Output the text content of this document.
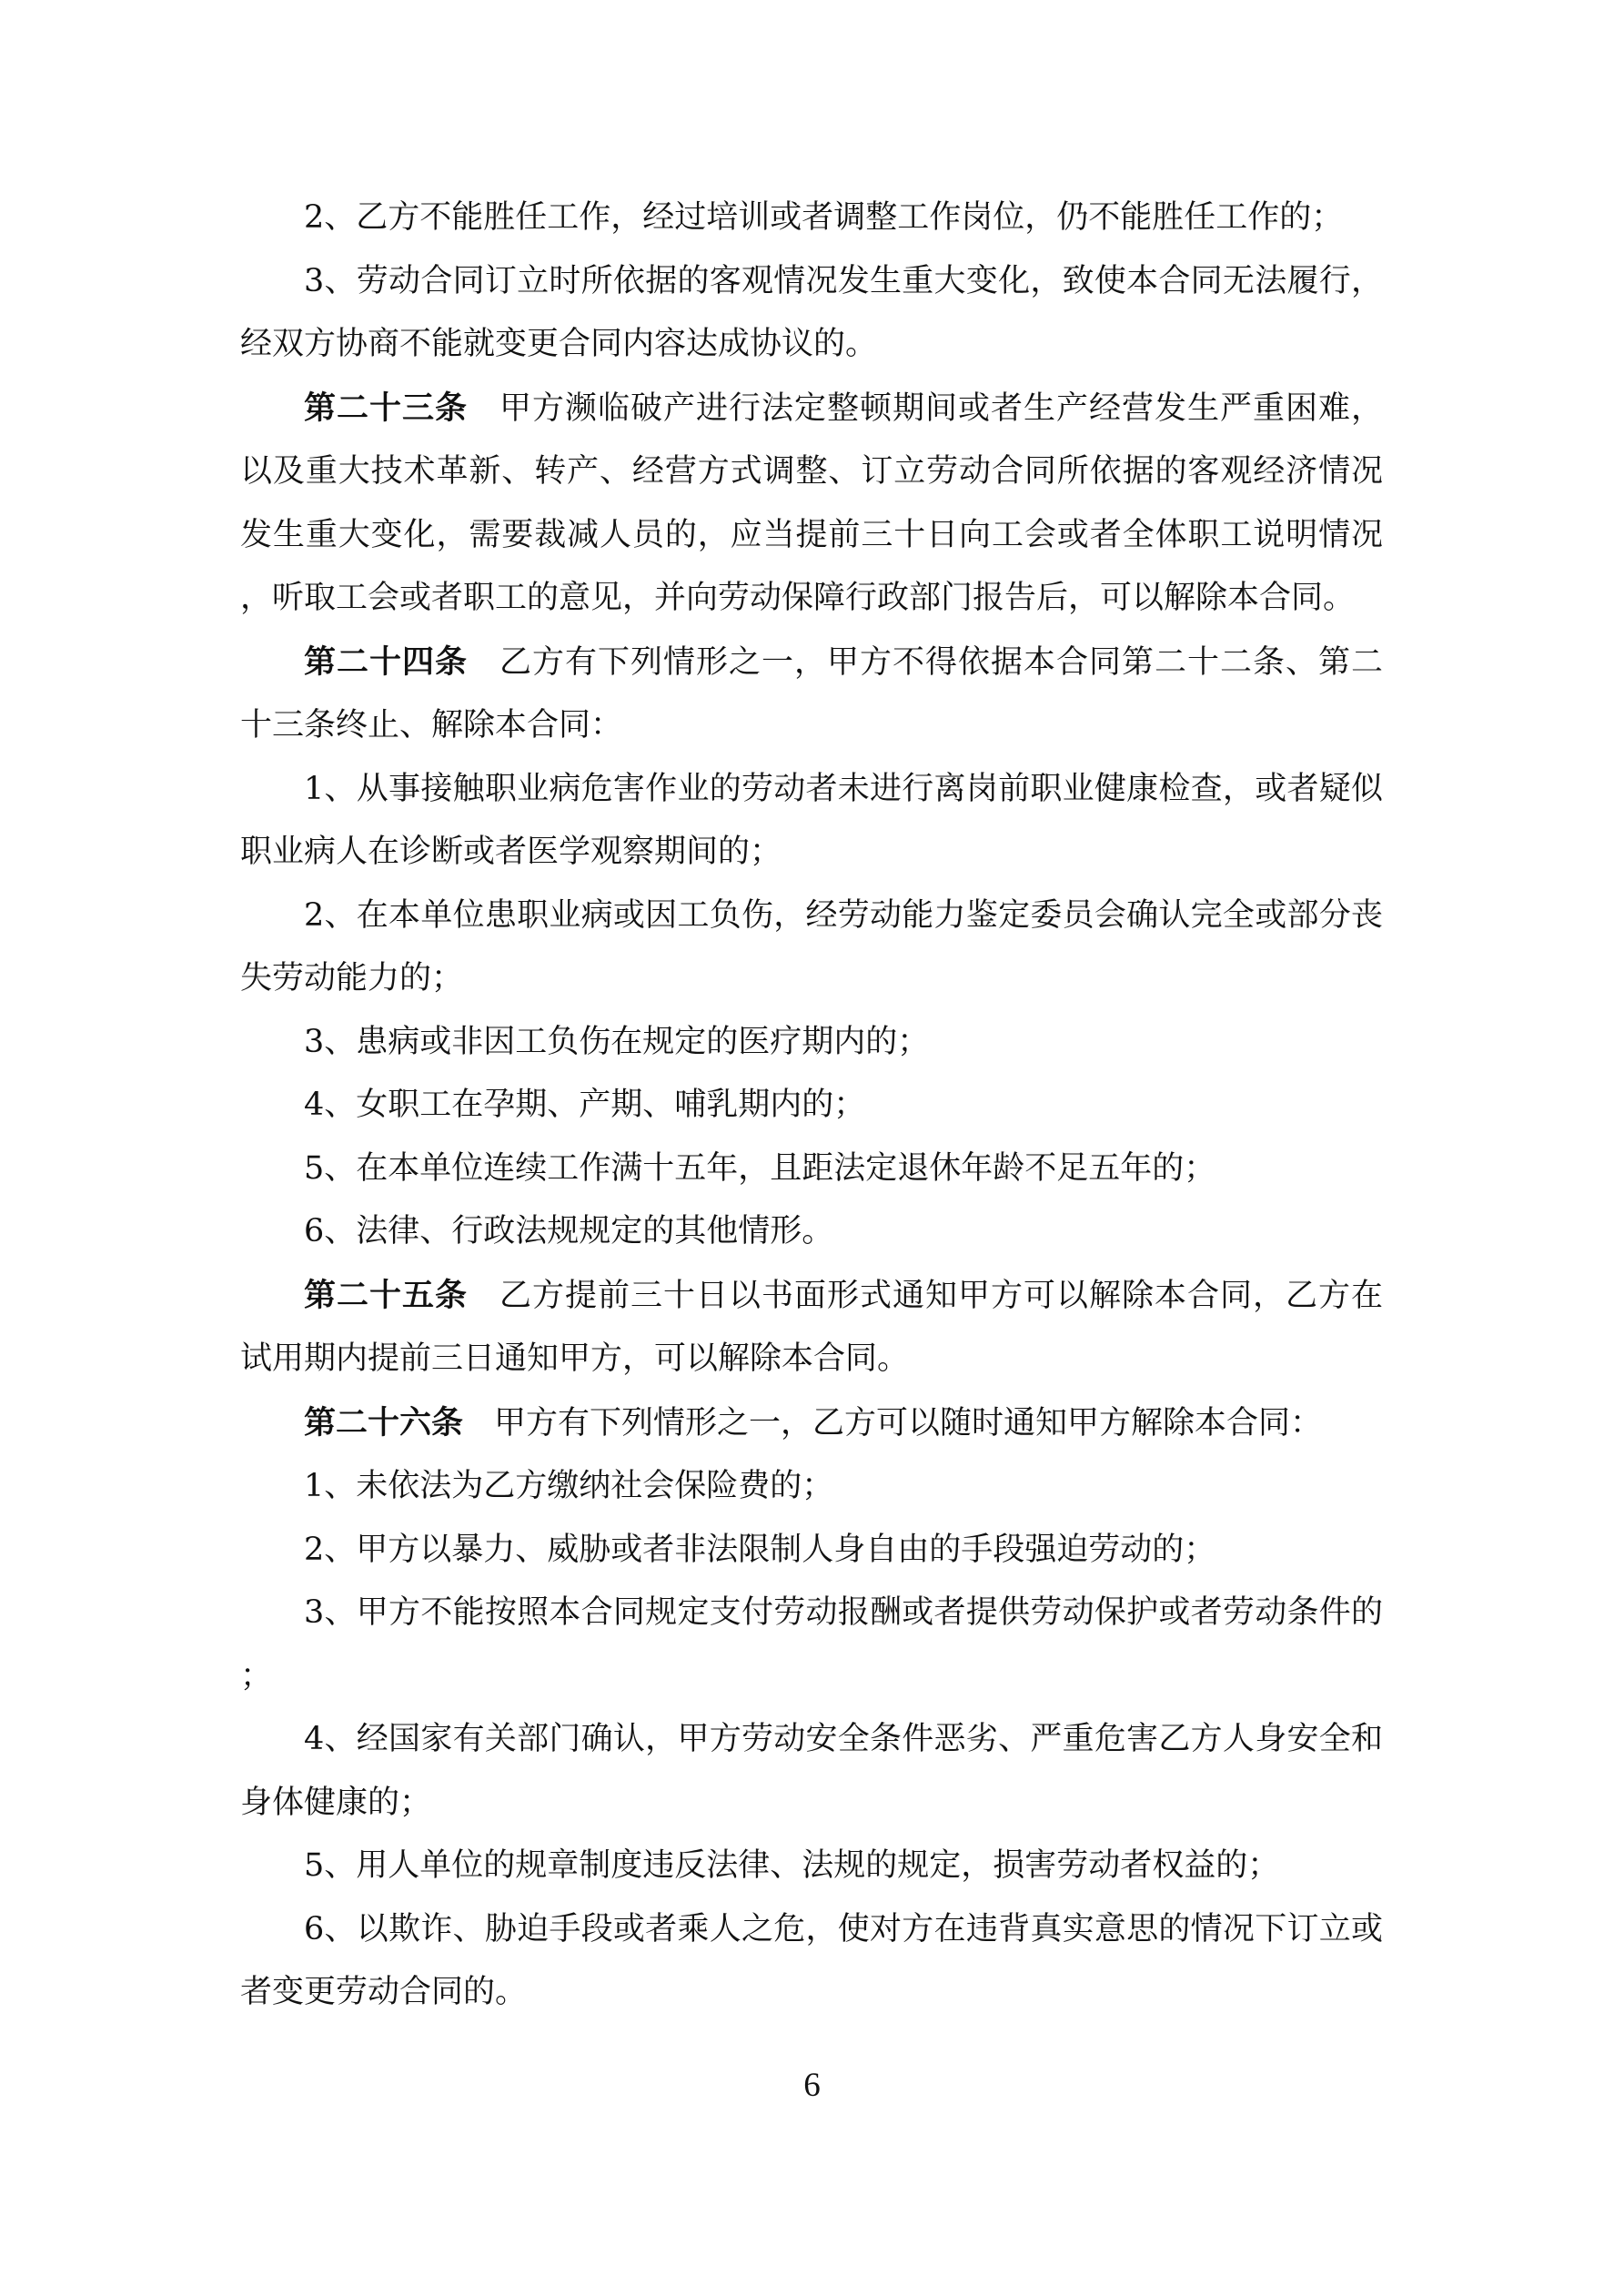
2、乙方不能胜任工作，经过培训或者调整工作岗位，仍不能胜任工作的；

3、劳动合同订立时所依据的客观情况发生重大变化，致使本合同无法履行，经双方协商不能就变更合同内容达成协议的。

第二十三条 甲方濒临破产进行法定整顿期间或者生产经营发生严重困难，以及重大技术革新、转产、经营方式调整、订立劳动合同所依据的客观经济情况发生重大变化，需要裁减人员的，应当提前三十日向工会或者全体职工说明情况，听取工会或者职工的意见，并向劳动保障行政部门报告后，可以解除本合同。

第二十四条 乙方有下列情形之一，甲方不得依据本合同第二十二条、第二十三条终止、解除本合同：

1、从事接触职业病危害作业的劳动者未进行离岗前职业健康检查，或者疑似职业病人在诊断或者医学观察期间的；

2、在本单位患职业病或因工负伤，经劳动能力鉴定委员会确认完全或部分丧失劳动能力的；

3、患病或非因工负伤在规定的医疗期内的；

4、女职工在孕期、产期、哺乳期内的；

5、在本单位连续工作满十五年，且距法定退休年龄不足五年的；

6、法律、行政法规规定的其他情形。

第二十五条 乙方提前三十日以书面形式通知甲方可以解除本合同，乙方在试用期内提前三日通知甲方，可以解除本合同。

第二十六条 甲方有下列情形之一，乙方可以随时通知甲方解除本合同：

1、未依法为乙方缴纳社会保险费的；

2、甲方以暴力、威胁或者非法限制人身自由的手段强迫劳动的；

3、甲方不能按照本合同规定支付劳动报酬或者提供劳动保护或者劳动条件的；

4、经国家有关部门确认，甲方劳动安全条件恶劣、严重危害乙方人身安全和身体健康的；

5、用人单位的规章制度违反法律、法规的规定，损害劳动者权益的；

6、以欺诈、胁迫手段或者乘人之危，使对方在违背真实意思的情况下订立或者变更劳动合同的。

6
